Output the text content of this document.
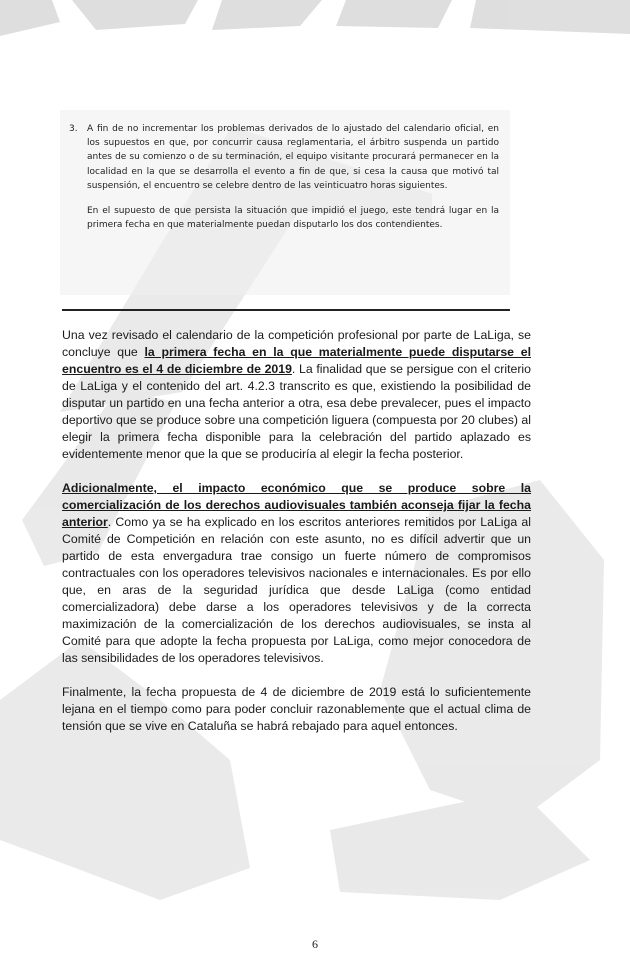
3. A fin de no incrementar los problemas derivados de lo ajustado del calendario oficial, en los supuestos en que, por concurrir causa reglamentaria, el árbitro suspenda un partido antes de su comienzo o de su terminación, el equipo visitante procurará permanecer en la localidad en la que se desarrolla el evento a fin de que, si cesa la causa que motivó tal suspensión, el encuentro se celebre dentro de las veinticuatro horas siguientes.

En el supuesto de que persista la situación que impidió el juego, este tendrá lugar en la primera fecha en que materialmente puedan disputarlo los dos contendientes.

Una vez revisado el calendario de la competición profesional por parte de LaLiga, se concluye que la primera fecha en la que materialmente puede disputarse el encuentro es el 4 de diciembre de 2019. La finalidad que se persigue con el criterio de LaLiga y el contenido del art. 4.2.3 transcrito es que, existiendo la posibilidad de disputar un partido en una fecha anterior a otra, esa debe prevalecer, pues el impacto deportivo que se produce sobre una competición liguera (compuesta por 20 clubes) al elegir la primera fecha disponible para la celebración del partido aplazado es evidentemente menor que la que se produciría al elegir la fecha posterior.

Adicionalmente, el impacto económico que se produce sobre la comercialización de los derechos audiovisuales también aconseja fijar la fecha anterior. Como ya se ha explicado en los escritos anteriores remitidos por LaLiga al Comité de Competición en relación con este asunto, no es difícil advertir que un partido de esta envergadura trae consigo un fuerte número de compromisos contractuales con los operadores televisivos nacionales e internacionales. Es por ello que, en aras de la seguridad jurídica que desde LaLiga (como entidad comercializadora) debe darse a los operadores televisivos y de la correcta maximización de la comercialización de los derechos audiovisuales, se insta al Comité para que adopte la fecha propuesta por LaLiga, como mejor conocedora de las sensibilidades de los operadores televisivos.

Finalmente, la fecha propuesta de 4 de diciembre de 2019 está lo suficientemente lejana en el tiempo como para poder concluir razonablemente que el actual clima de tensión que se vive en Cataluña se habrá rebajado para aquel entonces.

6
